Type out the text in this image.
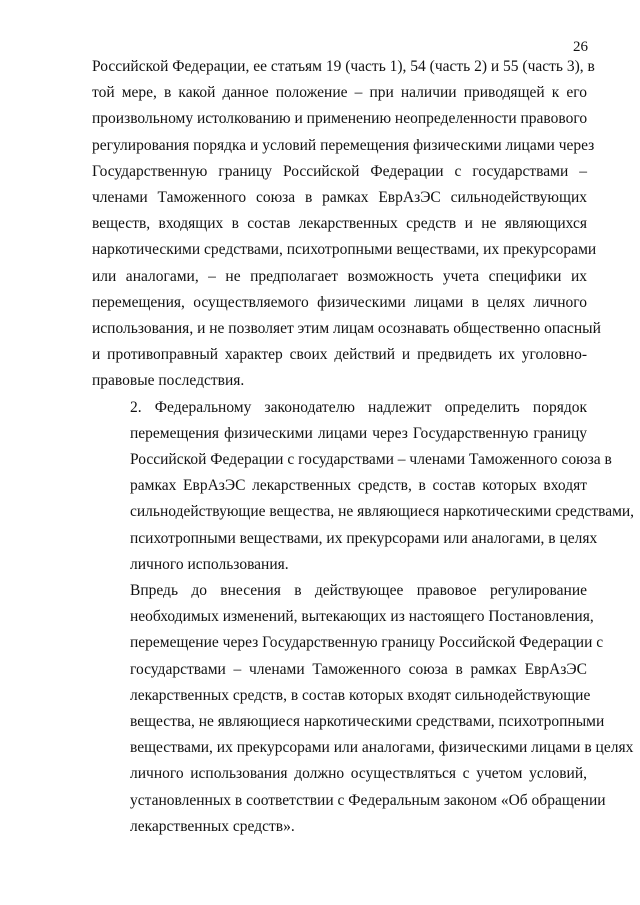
26
Российской Федерации, ее статьям 19 (часть 1), 54 (часть 2) и 55 (часть 3), в
той мере, в какой данное положение – при наличии приводящей к его
произвольному истолкованию и применению неопределенности правового
регулирования порядка и условий перемещения физическими лицами через
Государственную границу Российской Федерации с государствами –
членами Таможенного союза в рамках ЕврАзЭС сильнодействующих
веществ, входящих в состав лекарственных средств и не являющихся
наркотическими средствами, психотропными веществами, их прекурсорами
или аналогами, – не предполагает возможность учета специфики их
перемещения, осуществляемого физическими лицами в целях личного
использования, и не позволяет этим лицам осознавать общественно опасный
и противоправный характер своих действий и предвидеть их уголовно-
правовые последствия.
2. Федеральному законодателю надлежит определить порядок
перемещения физическими лицами через Государственную границу
Российской Федерации с государствами – членами Таможенного союза в
рамках ЕврАзЭС лекарственных средств, в состав которых входят
сильнодействующие вещества, не являющиеся наркотическими средствами,
психотропными веществами, их прекурсорами или аналогами, в целях
личного использования.
Впредь до внесения в действующее правовое регулирование
необходимых изменений, вытекающих из настоящего Постановления,
перемещение через Государственную границу Российской Федерации с
государствами – членами Таможенного союза в рамках ЕврАзЭС
лекарственных средств, в состав которых входят сильнодействующие
вещества, не являющиеся наркотическими средствами, психотропными
веществами, их прекурсорами или аналогами, физическими лицами в целях
личного использования должно осуществляться с учетом условий,
установленных в соответствии с Федеральным законом «Об обращении
лекарственных средств».
